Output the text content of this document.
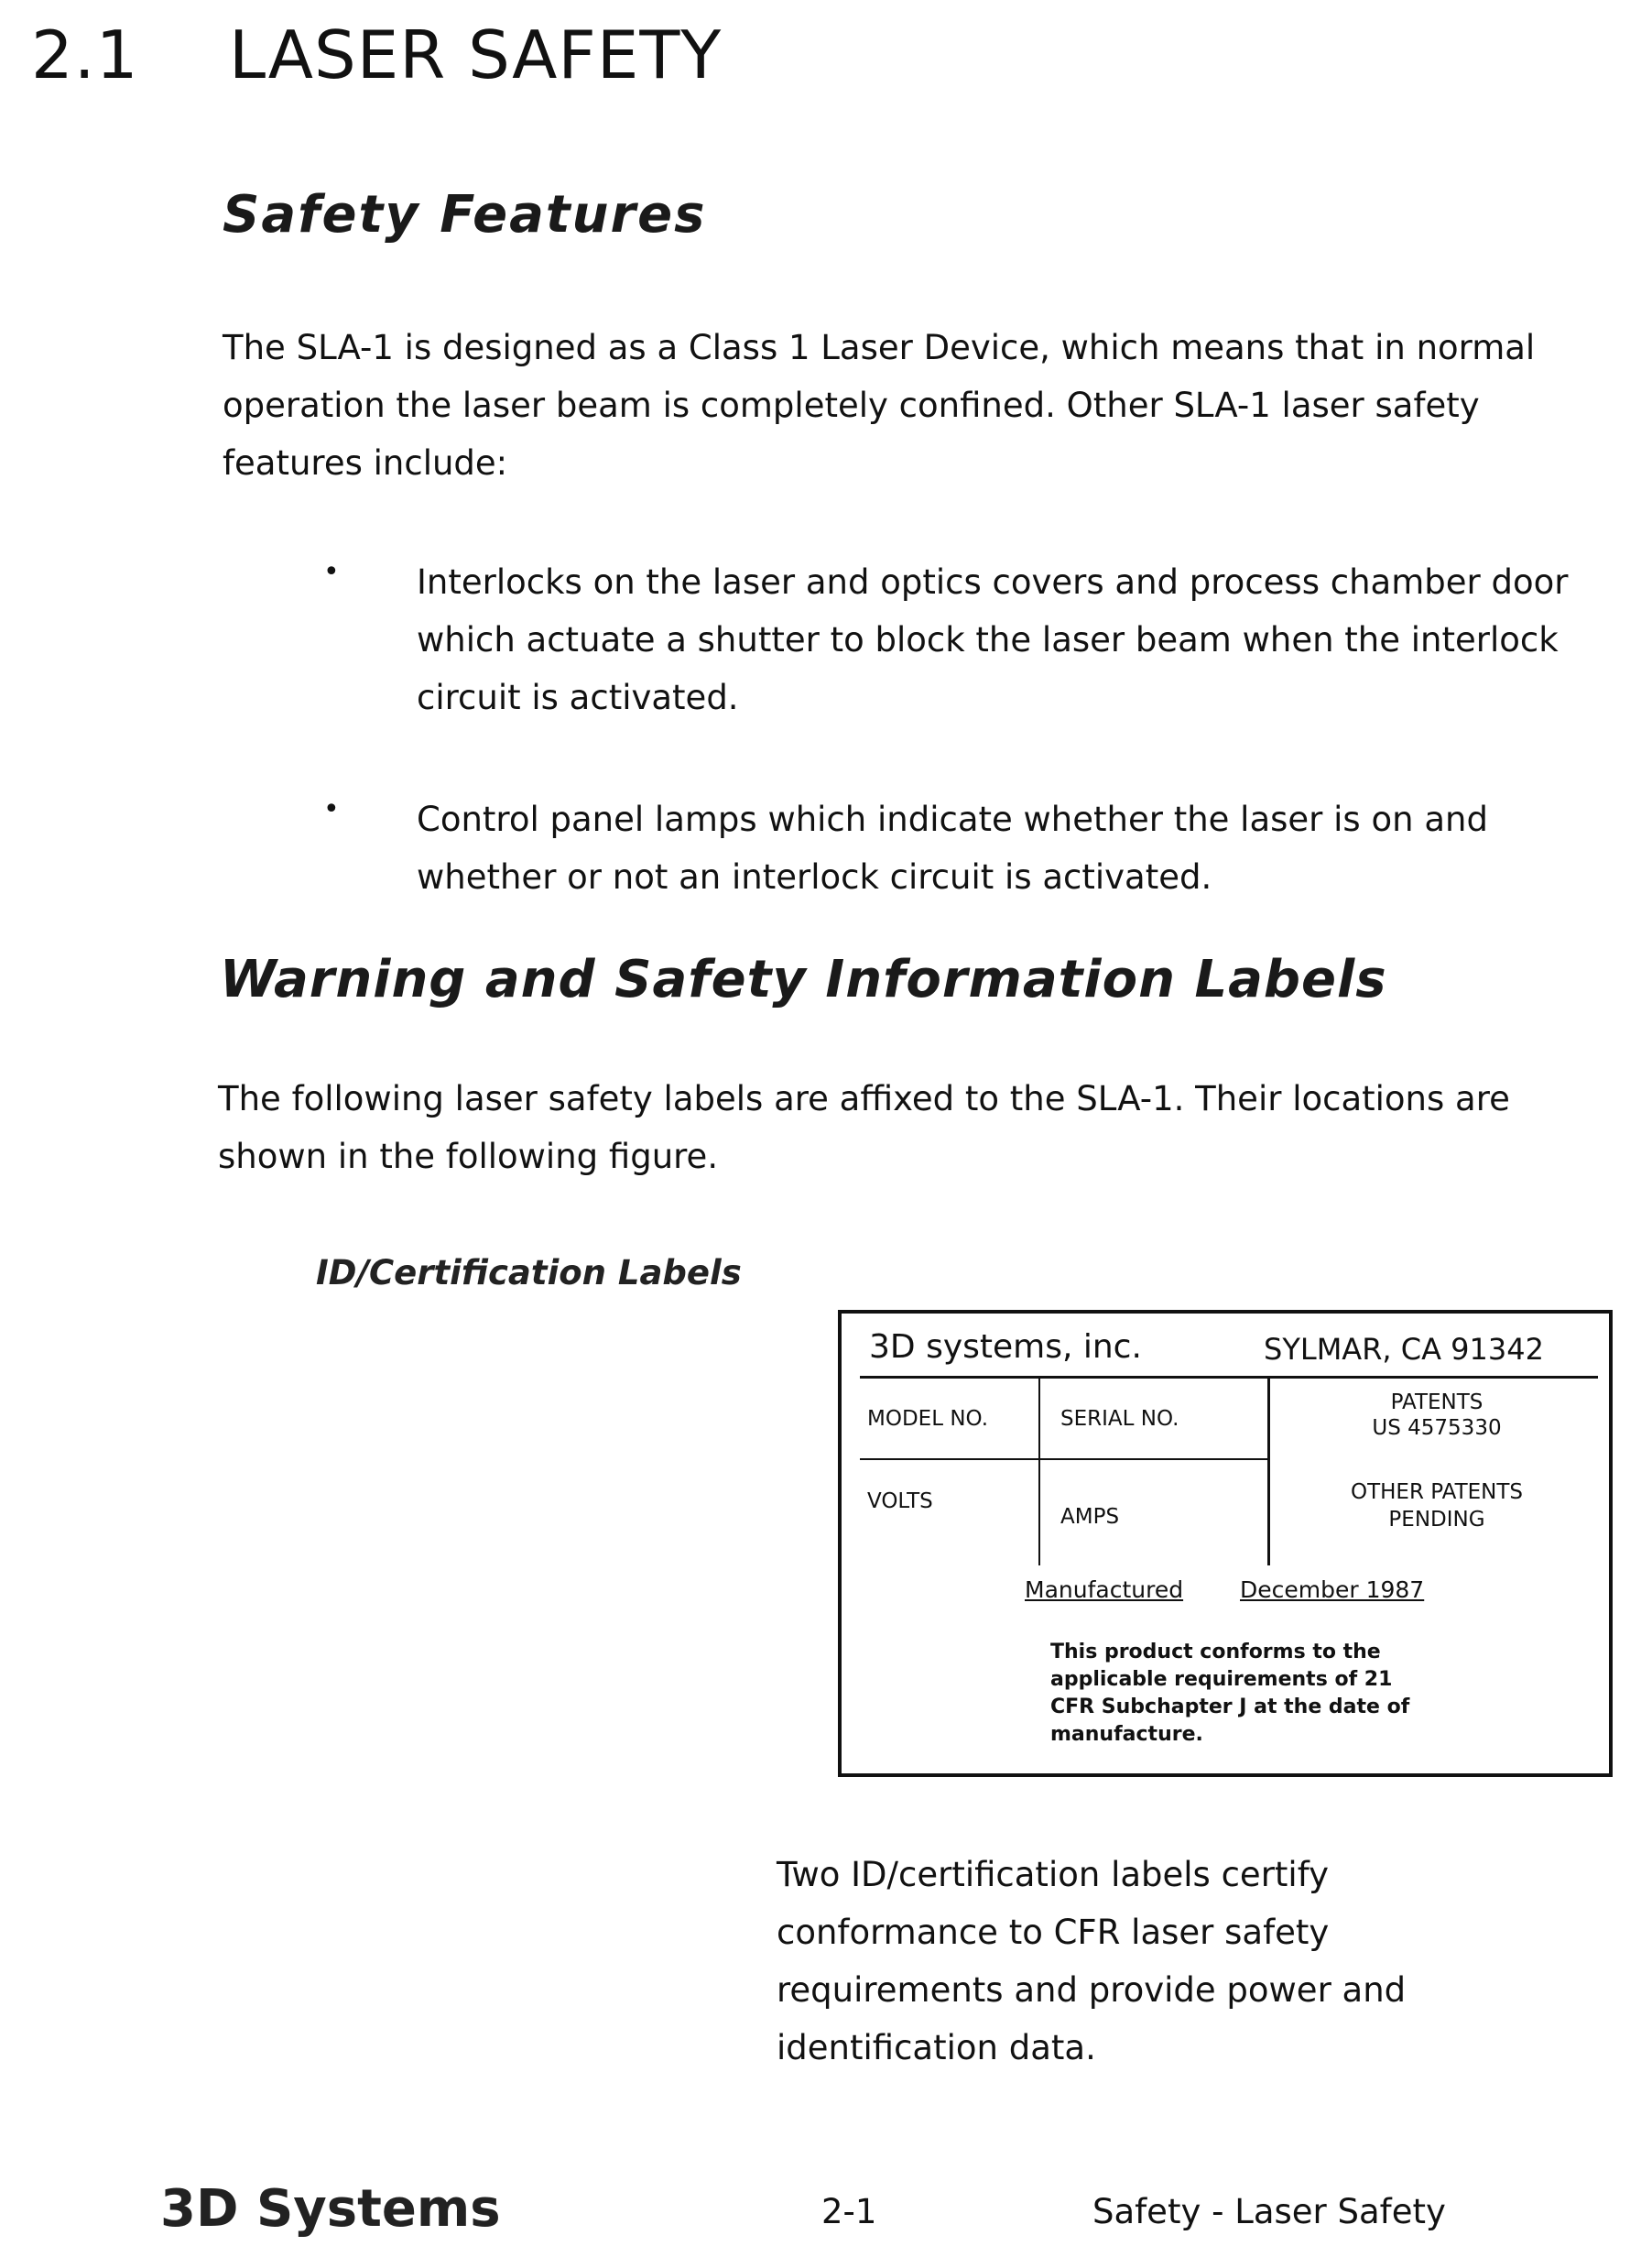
2.1 LASER SAFETY
Safety Features
The SLA-1 is designed as a Class 1 Laser Device, which means that in normal operation the laser beam is completely confined. Other SLA-1 laser safety features include:
• Interlocks on the laser and optics covers and process chamber door which actuate a shutter to block the laser beam when the interlock circuit is activated.
• Control panel lamps which indicate whether the laser is on and whether or not an interlock circuit is activated.
Warning and Safety Information Labels
The following laser safety labels are affixed to the SLA-1. Their locations are shown in the following figure.
ID/Certification Labels
3D systems, inc.	SYLMAR, CA 91342
MODEL NO.	SERIAL NO.
VOLTS
AMPS
PATENTS
US 4575330
OTHER PATENTS
PENDING
Manufactured December 1987
This product conforms to the applicable requirements of 21 CFR Subchapter J at the date of manufacture.
Two ID/certification labels certify conformance to CFR laser safety requirements and provide power and identification data.
3D Systems	2-1	Safety - Laser Safety
